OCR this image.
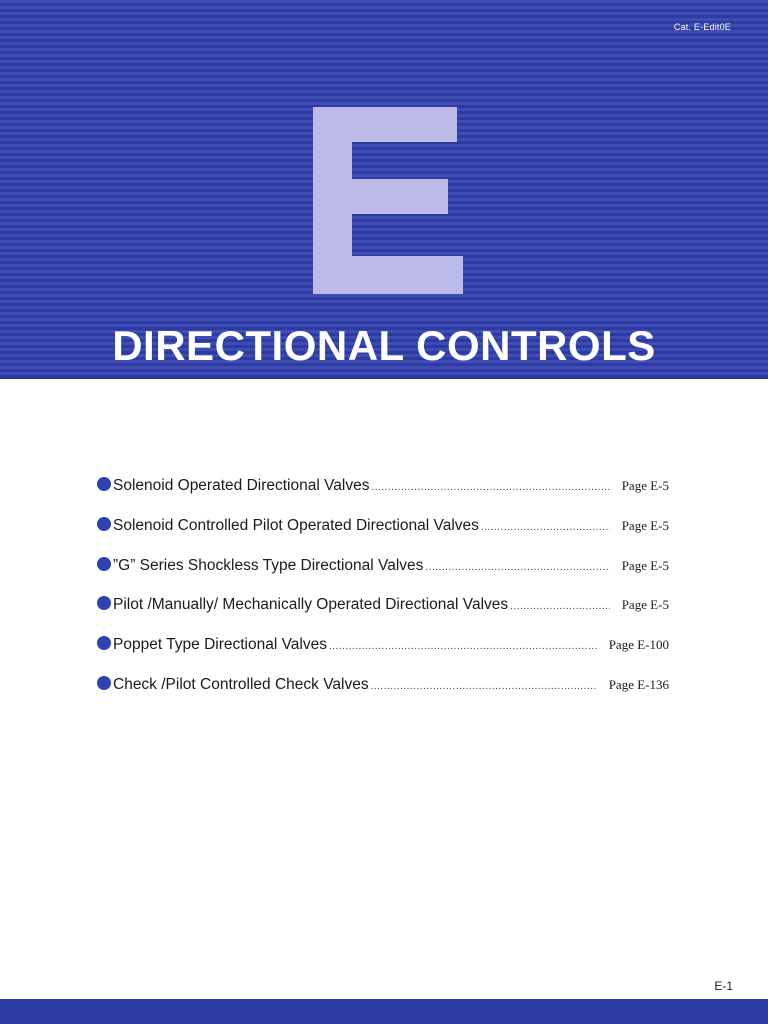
Cat. E-Edit0E
DIRECTIONAL CONTROLS
Solenoid Operated Directional Valves .....	Page E-5
Solenoid Controlled Pilot Operated Directional Valves .....	Page E-5
”G” Series Shockless Type Directional Valves .....	Page E-5
Pilot /Manually/ Mechanically Operated Directional Valves .....	Page E-5
Poppet Type Directional Valves .....	Page E-100
Check /Pilot Controlled Check Valves .....	Page E-136
E-1
